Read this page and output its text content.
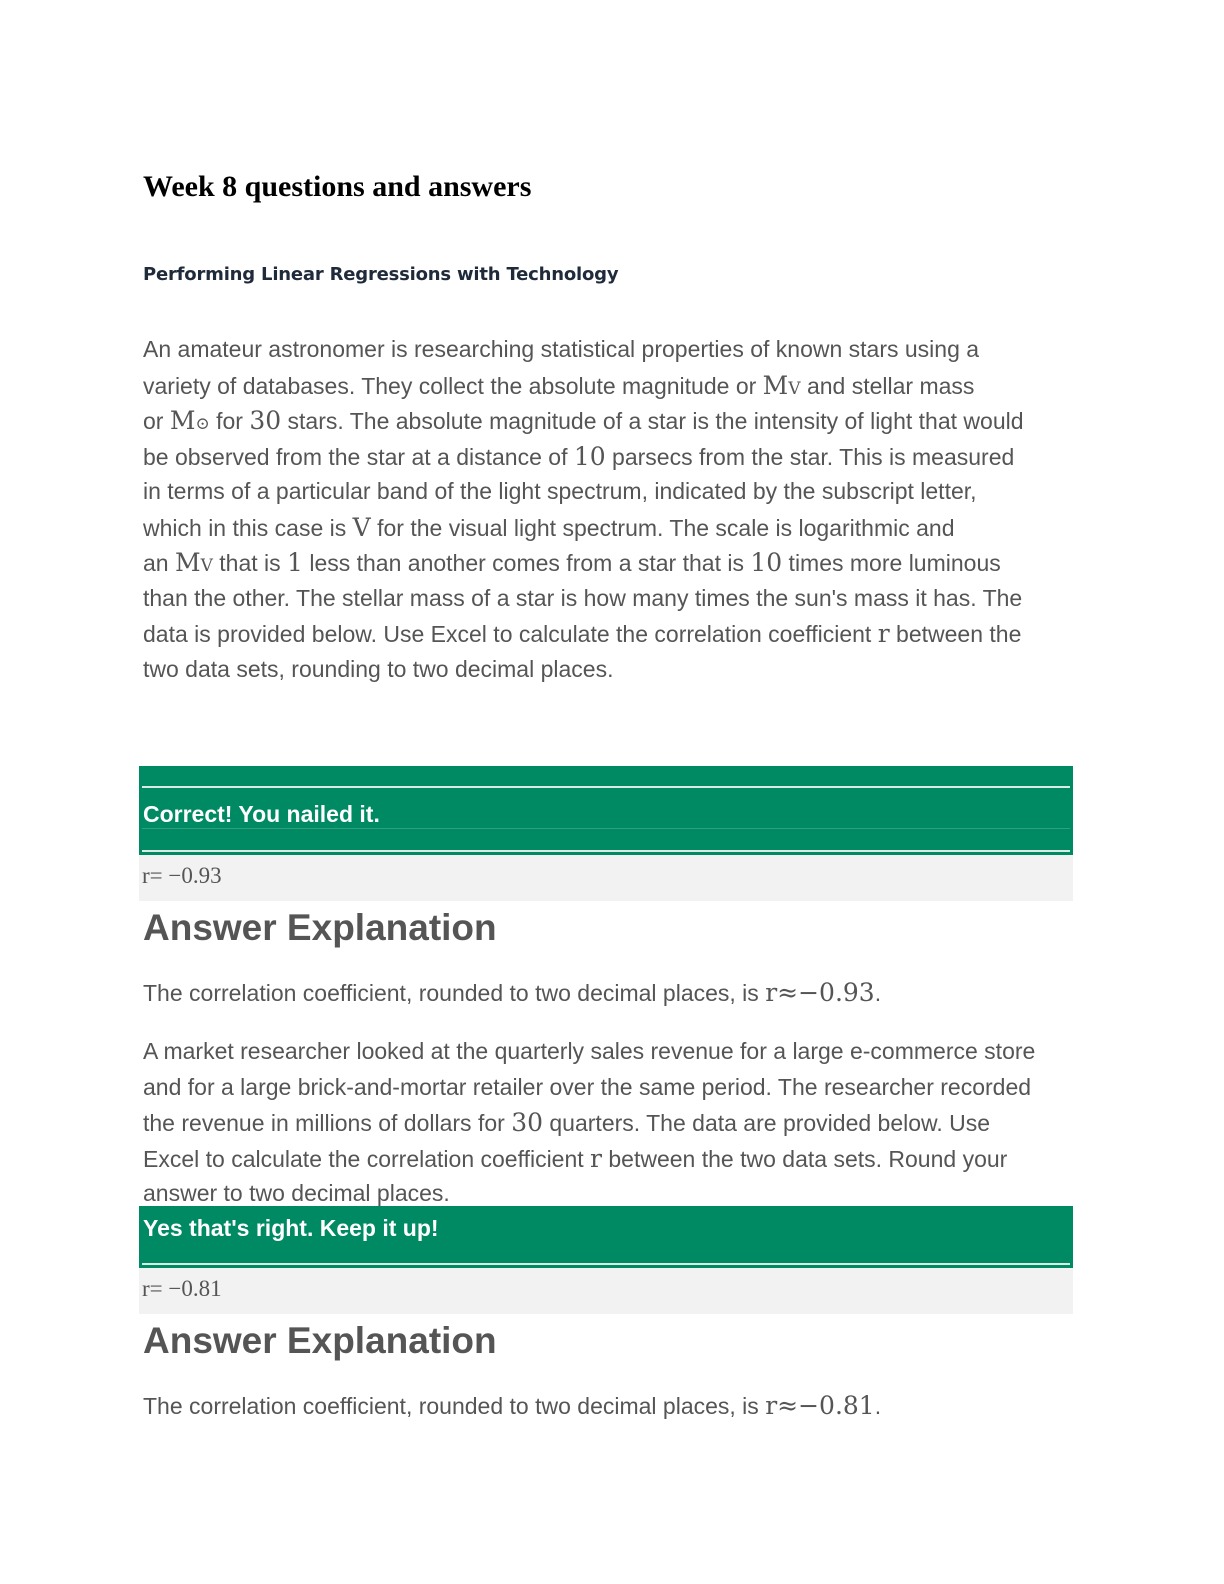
Week 8 questions and answers
Performing Linear Regressions with Technology
An amateur astronomer is researching statistical properties of known stars using a
variety of databases. They collect the absolute magnitude or MV and stellar mass
or M⊙ for 30 stars. The absolute magnitude of a star is the intensity of light that would
be observed from the star at a distance of 10 parsecs from the star. This is measured
in terms of a particular band of the light spectrum, indicated by the subscript letter,
which in this case is V for the visual light spectrum. The scale is logarithmic and
an MV that is 1 less than another comes from a star that is 10 times more luminous
than the other. The stellar mass of a star is how many times the sun's mass it has. The
data is provided below. Use Excel to calculate the correlation coefficient r between the
two data sets, rounding to two decimal places.
Correct! You nailed it.
r= −0.93
Answer Explanation

The correlation coefficient, rounded to two decimal places, is r≈−0.93.

A market researcher looked at the quarterly sales revenue for a large e-commerce store
and for a large brick-and-mortar retailer over the same period. The researcher recorded
the revenue in millions of dollars for 30 quarters. The data are provided below. Use
Excel to calculate the correlation coefficient r between the two data sets. Round your
answer to two decimal places.
Yes that's right. Keep it up!
r= −0.81
Answer Explanation

The correlation coefficient, rounded to two decimal places, is r≈−0.81.
